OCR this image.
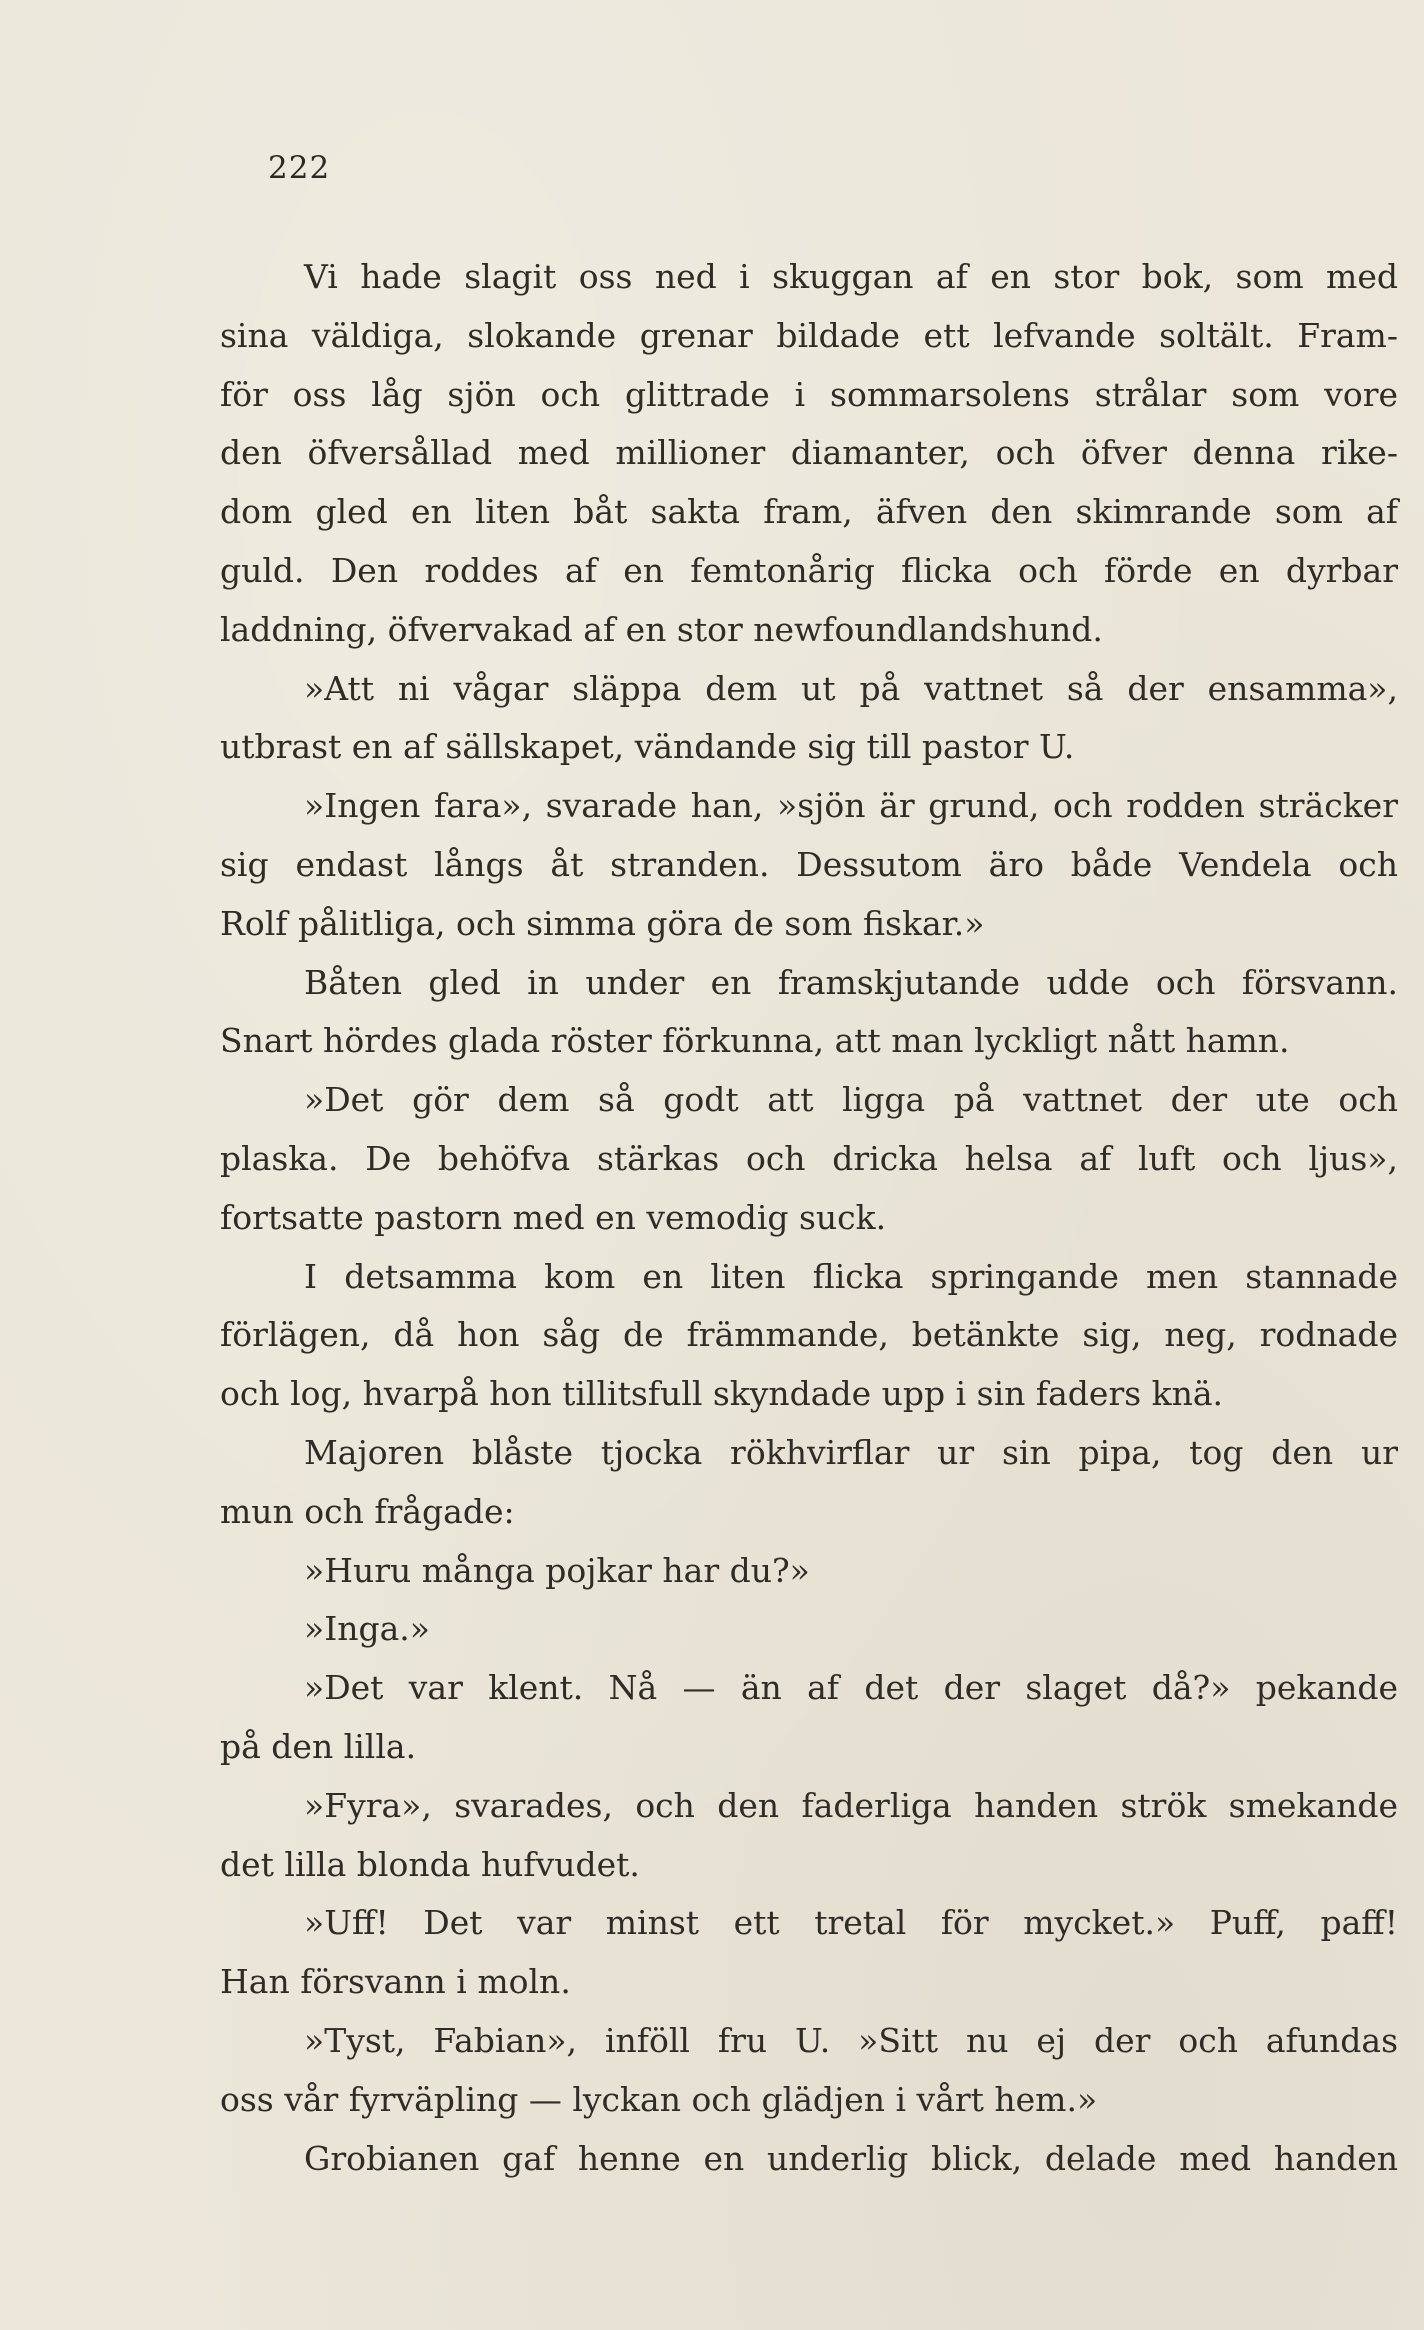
222
Vi hade slagit oss ned i skuggan af en stor bok, som med
sina väldiga, slokande grenar bildade ett lefvande soltält. Fram-
för oss låg sjön och glittrade i sommarsolens strålar som vore
den öfversållad med millioner diamanter, och öfver denna rike-
dom gled en liten båt sakta fram, äfven den skimrande som af
guld. Den roddes af en femtonårig flicka och förde en dyrbar
laddning, öfvervakad af en stor newfoundlandshund.
»Att ni vågar släppa dem ut på vattnet så der ensamma»,
utbrast en af sällskapet, vändande sig till pastor U.
»Ingen fara», svarade han, »sjön är grund, och rodden sträcker
sig endast långs åt stranden. Dessutom äro både Vendela och
Rolf pålitliga, och simma göra de som fiskar.»
Båten gled in under en framskjutande udde och försvann.
Snart hördes glada röster förkunna, att man lyckligt nått hamn.
»Det gör dem så godt att ligga på vattnet der ute och
plaska. De behöfva stärkas och dricka helsa af luft och ljus»,
fortsatte pastorn med en vemodig suck.
I detsamma kom en liten flicka springande men stannade
förlägen, då hon såg de främmande, betänkte sig, neg, rodnade
och log, hvarpå hon tillitsfull skyndade upp i sin faders knä.
Majoren blåste tjocka rökhvirflar ur sin pipa, tog den ur
mun och frågade:
»Huru många pojkar har du?»
»Inga.»
»Det var klent. Nå — än af det der slaget då?» pekande
på den lilla.
»Fyra», svarades, och den faderliga handen strök smekande
det lilla blonda hufvudet.
»Uff! Det var minst ett tretal för mycket.» Puff, paff!
Han försvann i moln.
»Tyst, Fabian», inföll fru U. »Sitt nu ej der och afundas
oss vår fyrväpling — lyckan och glädjen i vårt hem.»
Grobianen gaf henne en underlig blick, delade med handen
